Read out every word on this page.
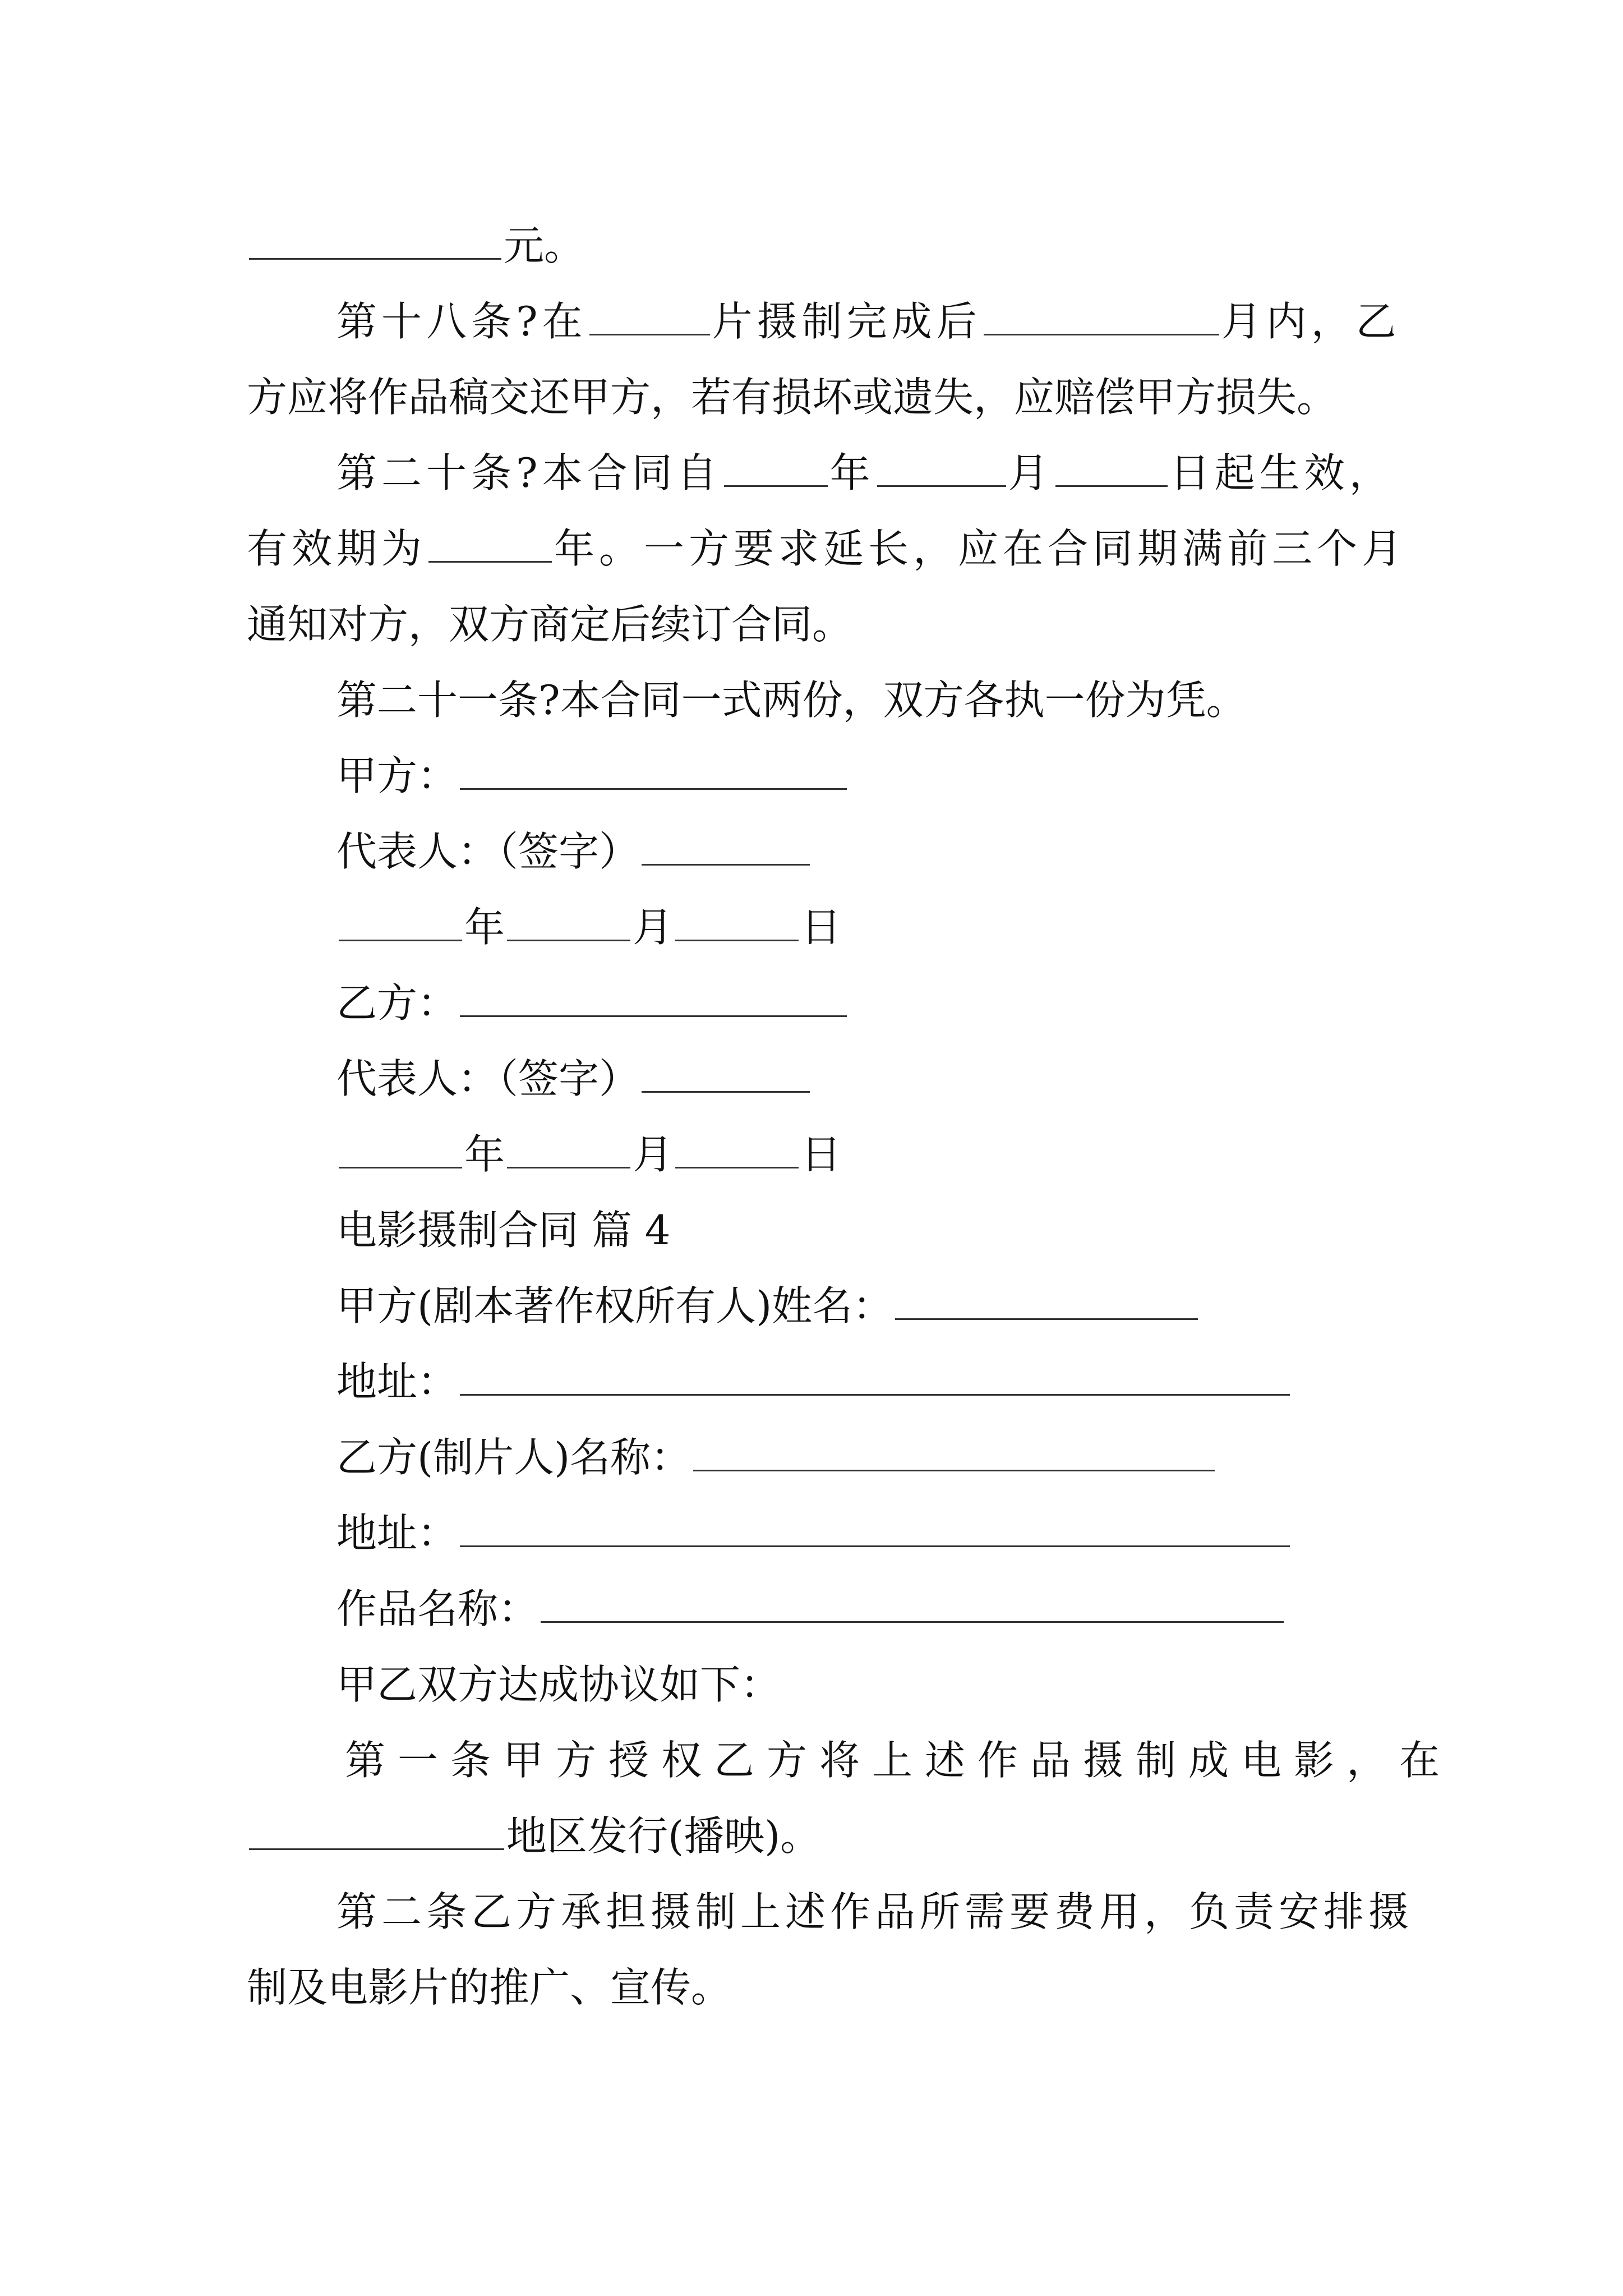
元。
第十八条?在	片摄制完成后	月内，乙
方应将作品稿交还甲方，若有损坏或遗失，应赔偿甲方损失。
第二十条?本合同自	年	月	日起生效，
有效期为	年。一方要求延长，应在合同期满前三个月
通知对方，双方商定后续订合同。
第二十一条?本合同一式两份，双方各执一份为凭。
甲方：
代表人：（签字）
年	月	日
乙方：
代表人：（签字）
年	月	日
电影摄制合同 篇 4
甲方(剧本著作权所有人)姓名：
地址：
乙方(制片人)名称：
地址：
作品名称：
甲乙双方达成协议如下：
第一条甲方授权乙方将上述作品摄制成电影，在
地区发行(播映)。
第二条乙方承担摄制上述作品所需要费用，负责安排摄
制及电影片的推广、宣传。
